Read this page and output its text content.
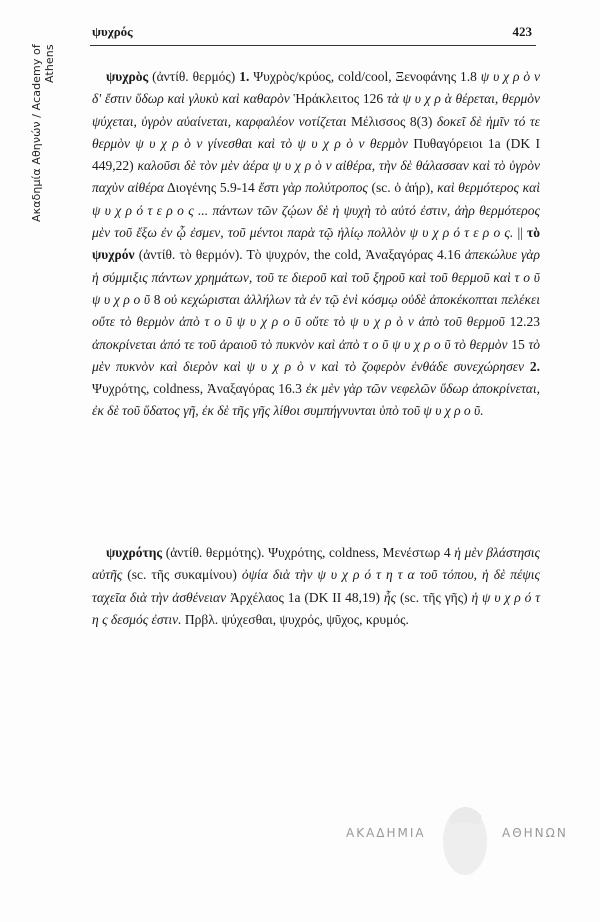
Ακαδημία Αθηνών / Academy of Athens
ψυχρός	423

ψυχρὸς (ἀντίθ. θερμός) 1. Ψυχρὸς/κρύος, cold/cool, Ξενοφάνης 1.8 ψ υ χ ρ ὸ ν δ' ἔστιν ὕδωρ καὶ γλυκὺ καὶ καθαρὸν Ἡράκλειτος 126 τὰ ψ υ χ ρ ὰ θέρεται, θερμὸν ψύχεται, ὑγρὸν αὐαίνεται, καρφαλέον νοτίζεται Μέλισσος 8(3) δοκεῖ δὲ ἡμῖν τό τε θερμὸν ψ υ χ ρ ὸ ν γίνεσθαι καὶ τὸ ψ υ χ ρ ὸ ν θερμὸν Πυθαγόρειοι 1a (DK I 449,22) καλοῦσι δὲ τὸν μὲν ἀέρα ψ υ χ ρ ὸ ν αἰθέρα, τὴν δὲ θάλασσαν καὶ τὸ ὑγρὸν παχὺν αἰθέρα Διογένης 5.9-14 ἔστι γὰρ πολύτροπος (sc. ὁ ἀήρ), καὶ θερμότερος καὶ ψ υ χ ρ ό τ ε ρ ο ς ... πάντων τῶν ζῴων δὲ ἡ ψυχὴ τὸ αὐτό ἐστιν, ἀὴρ θερμότερος μὲν τοῦ ἔξω ἐν ᾧ ἐσμεν, τοῦ μέντοι παρὰ τῷ ἡλίῳ πολλὸν ψ υ χ ρ ό τ ε ρ ο ς. || τὸ ψυχρόν (ἀντίθ. τὸ θερμόν). Τὸ ψυχρόν, the cold, Ἀναξαγόρας 4.16 ἀπεκώλυε γὰρ ἡ σύμμιξις πάντων χρημάτων, τοῦ τε διεροῦ καὶ τοῦ ξηροῦ καὶ τοῦ θερμοῦ καὶ τ ο ῦ ψ υ χ ρ ο ῦ 8 οὐ κεχώρισται ἀλλήλων τὰ ἐν τῷ ἑνὶ κόσμῳ οὐδὲ ἀποκέκοπται πελέκει οὔτε τὸ θερμὸν ἀπὸ τ ο ῦ ψ υ χ ρ ο ῦ οὔτε τὸ ψ υ χ ρ ὸ ν ἀπὸ τοῦ θερμοῦ 12.23 ἀποκρίνεται ἀπό τε τοῦ ἀραιοῦ τὸ πυκνὸν καὶ ἀπὸ τ ο ῦ ψ υ χ ρ ο ῦ τὸ θερμὸν 15 τὸ μὲν πυκνὸν καὶ διερὸν καὶ ψ υ χ ρ ὸ ν καὶ τὸ ζοφερὸν ἐνθάδε συνεχώρησεν 2. Ψυχρότης, coldness, Ἀναξαγόρας 16.3 ἐκ μὲν γὰρ τῶν νεφελῶν ὕδωρ ἀποκρίνεται, ἐκ δὲ τοῦ ὕδατος γῆ, ἐκ δὲ τῆς γῆς λίθοι συμπήγνυνται ὑπὸ τοῦ ψ υ χ ρ ο ῦ.

ψυχρότης (ἀντίθ. θερμότης). Ψυχρότης, coldness, Μενέστωρ 4 ἡ μὲν βλάστησις αὐτῆς (sc. τῆς συκαμίνου) ὀψία διὰ τὴν ψ υ χ ρ ό τ η τ α τοῦ τόπου, ἡ δὲ πέψις ταχεῖα διὰ τὴν ἀσθένειαν Ἀρχέλαος 1a (DK II 48,19) ἧς (sc. τῆς γῆς) ἡ ψ υ χ ρ ό τ η ς δεσμός ἐστιν. Πρβλ. ψύχεσθαι, ψυχρός, ψῦχος, κρυμός.

ΑΚΑΔΗΜΙΑ	ΑΘΗΝΩΝ
